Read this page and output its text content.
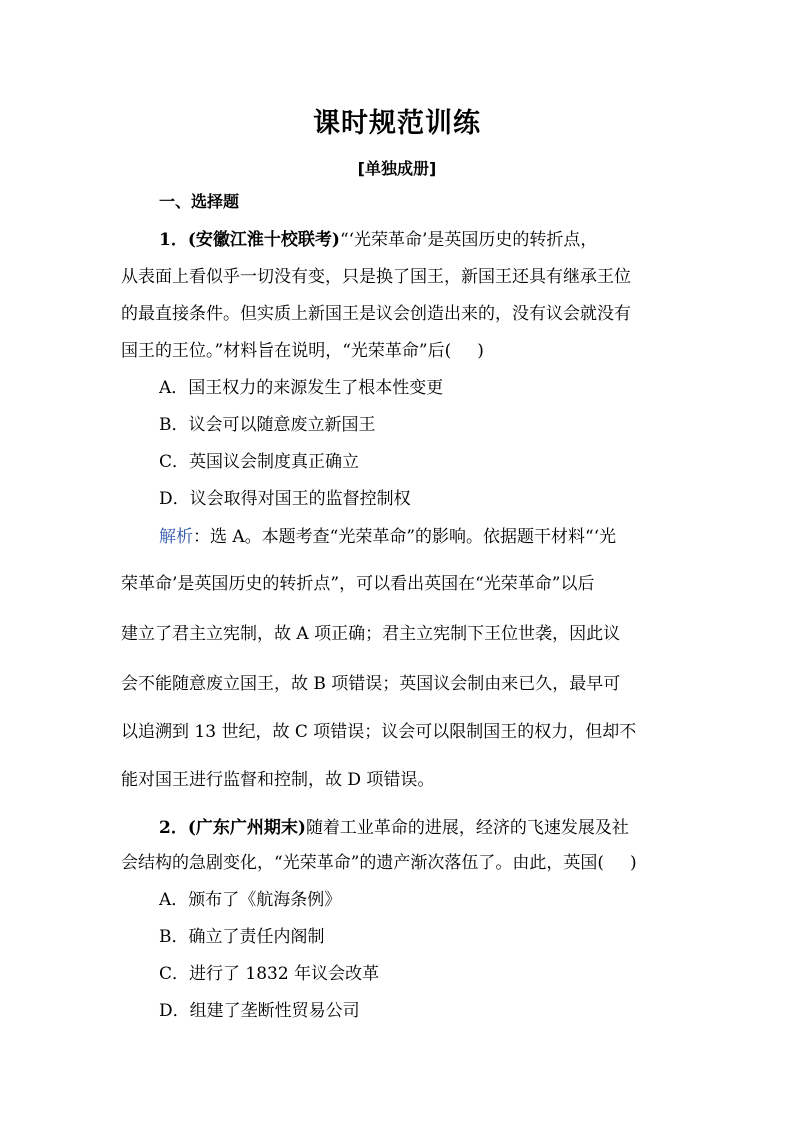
课时规范训练
[单独成册]
一、选择题
1．(安徽江淮十校联考)“‘光荣革命’是英国历史的转折点，
从表面上看似乎一切没有变，只是换了国王，新国王还具有继承王位
的最直接条件。但实质上新国王是议会创造出来的，没有议会就没有
国王的王位。”材料旨在说明，“光荣革命”后( )
A．国王权力的来源发生了根本性变更
B．议会可以随意废立新国王
C．英国议会制度真正确立
D．议会取得对国王的监督控制权
解析：选 A。本题考查“光荣革命”的影响。依据题干材料“‘光
荣革命’是英国历史的转折点”，可以看出英国在“光荣革命”以后
建立了君主立宪制，故 A 项正确；君主立宪制下王位世袭，因此议
会不能随意废立国王，故 B 项错误；英国议会制由来已久，最早可
以追溯到 13 世纪，故 C 项错误；议会可以限制国王的权力，但却不
能对国王进行监督和控制，故 D 项错误。
2．(广东广州期末)随着工业革命的进展，经济的飞速发展及社
会结构的急剧变化，“光荣革命”的遗产渐次落伍了。由此，英国( )
A．颁布了《航海条例》
B．确立了责任内阁制
C．进行了 1832 年议会改革
D．组建了垄断性贸易公司
